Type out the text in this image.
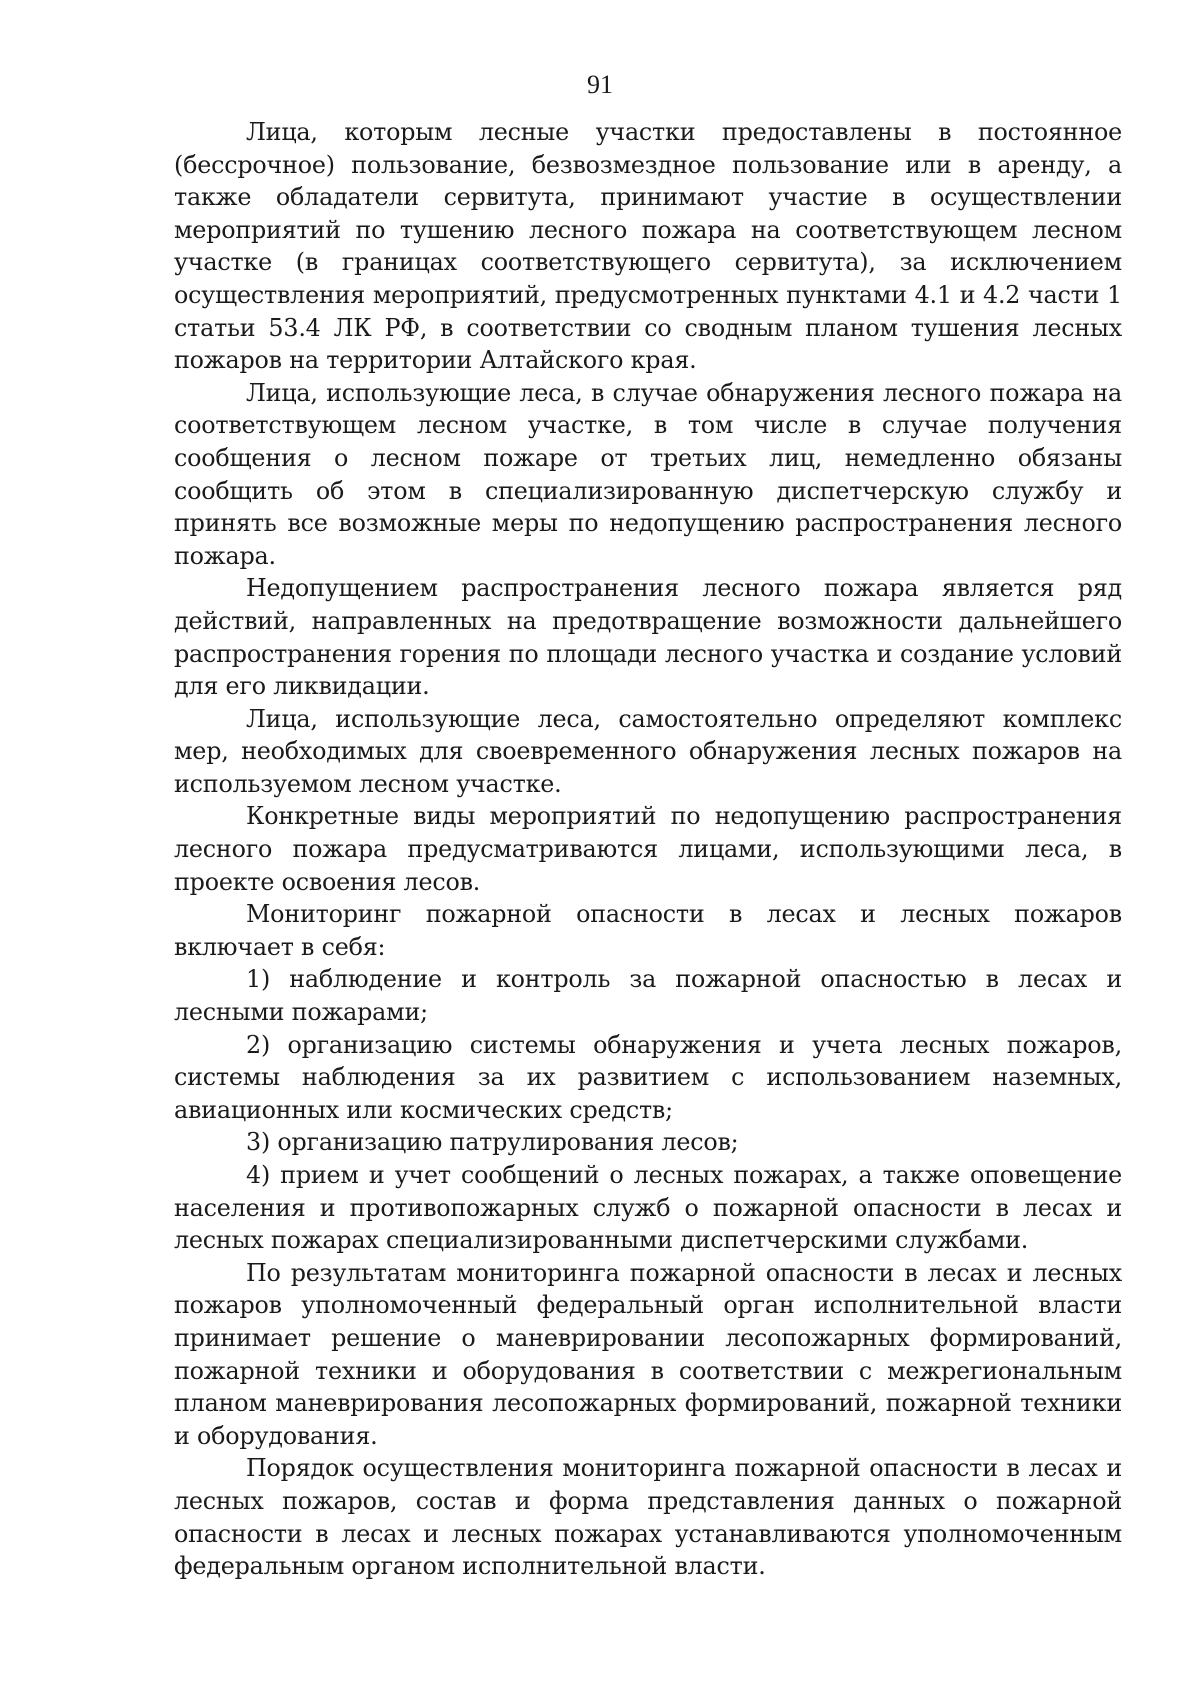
91

Лица, которым лесные участки предоставлены в постоянное (бессрочное) пользование, безвозмездное пользование или в аренду, а также обладатели сервитута, принимают участие в осуществлении мероприятий по тушению лесного пожара на соответствующем лесном участке (в границах соответствующего сервитута), за исключением осуществления мероприятий, предусмотренных пунктами 4.1 и 4.2 части 1 статьи 53.4 ЛК РФ, в соответствии со сводным планом тушения лесных пожаров на территории Алтайского края.

Лица, использующие леса, в случае обнаружения лесного пожара на соответствующем лесном участке, в том числе в случае получения сообщения о лесном пожаре от третьих лиц, немедленно обязаны сообщить об этом в специализированную диспетчерскую службу и принять все возможные меры по недопущению распространения лесного пожара.

Недопущением распространения лесного пожара является ряд действий, направленных на предотвращение возможности дальнейшего распространения горения по площади лесного участка и создание условий для его ликвидации.

Лица, использующие леса, самостоятельно определяют комплекс мер, необходимых для своевременного обнаружения лесных пожаров на используемом лесном участке.

Конкретные виды мероприятий по недопущению распространения лесного пожара предусматриваются лицами, использующими леса, в проекте освоения лесов.

Мониторинг пожарной опасности в лесах и лесных пожаров включает в себя:

1) наблюдение и контроль за пожарной опасностью в лесах и лесными пожарами;

2) организацию системы обнаружения и учета лесных пожаров, системы наблюдения за их развитием с использованием наземных, авиационных или космических средств;

3) организацию патрулирования лесов;

4) прием и учет сообщений о лесных пожарах, а также оповещение населения и противопожарных служб о пожарной опасности в лесах и лесных пожарах специализированными диспетчерскими службами.

По результатам мониторинга пожарной опасности в лесах и лесных пожаров уполномоченный федеральный орган исполнительной власти принимает решение о маневрировании лесопожарных формирований, пожарной техники и оборудования в соответствии с межрегиональным планом маневрирования лесопожарных формирований, пожарной техники и оборудования.

Порядок осуществления мониторинга пожарной опасности в лесах и лесных пожаров, состав и форма представления данных о пожарной опасности в лесах и лесных пожарах устанавливаются уполномоченным федеральным органом исполнительной власти.
